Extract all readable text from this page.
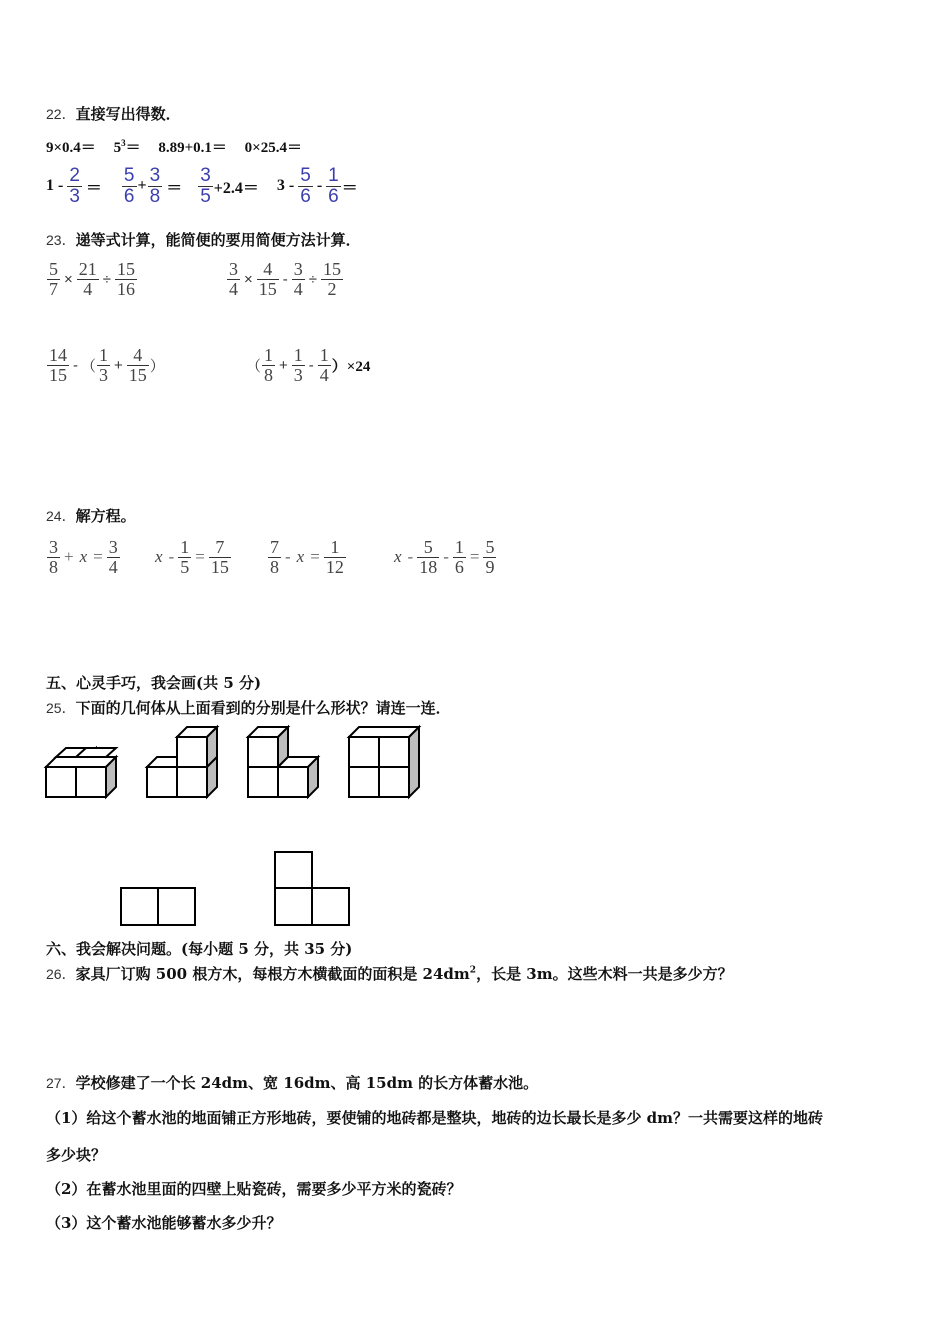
22．直接写出得数．
$9\times 0.4= 5^3= 8.89+0.1= 0\times 25.4=$
$1 - \frac{2}{3} = \frac{5}{6} + \frac{3}{8} = \frac{3}{5} +2.4= 3 - \frac{5}{6} - \frac{1}{6}$ ＝
23．递等式计算，能简便的要用简便方法计算．
$\frac{5}{7} \times \frac{21}{4} \div \frac{15}{16}$	$\frac{3}{4} \times \frac{4}{15} - \frac{3}{4} \div \frac{15}{2}$
$\frac{14}{15}$ - （ $\frac{1}{3} + \frac{4}{15}$ ）	（ $\frac{1}{8} + \frac{1}{3} - \frac{1}{4} )\times 24$
24．解方程。
$\frac{3}{8} + x = \frac{3}{4}$ $x - \frac{1}{5} = \frac{7}{15} \frac{7}{8} - x = \frac{1}{12}$	$x - \frac{5}{18} - \frac{1}{6} = \frac{5}{9}$
五、心灵手巧，我会画(共 5 分)
25．下面的几何体从上面看到的分别是什么形状？请连一连．
六、我会解决问题。(每小题 5 分，共 35 分)
26．家具厂订购 500 根方木，每根方木横截面的面积是 $24dm^2$，长是 3m。这些木料一共是多少方？
27．学校修建了一个长 24dm、宽 16dm、高 15dm 的长方体蓄水池。
（1）给这个蓄水池的地面铺正方形地砖，要使铺的地砖都是整块，地砖的边长最长是多少 dm？一共需要这样的地砖
多少块？
（2）在蓄水池里面的四壁上贴瓷砖，需要多少平方米的瓷砖？
（3）这个蓄水池能够蓄水多少升？
